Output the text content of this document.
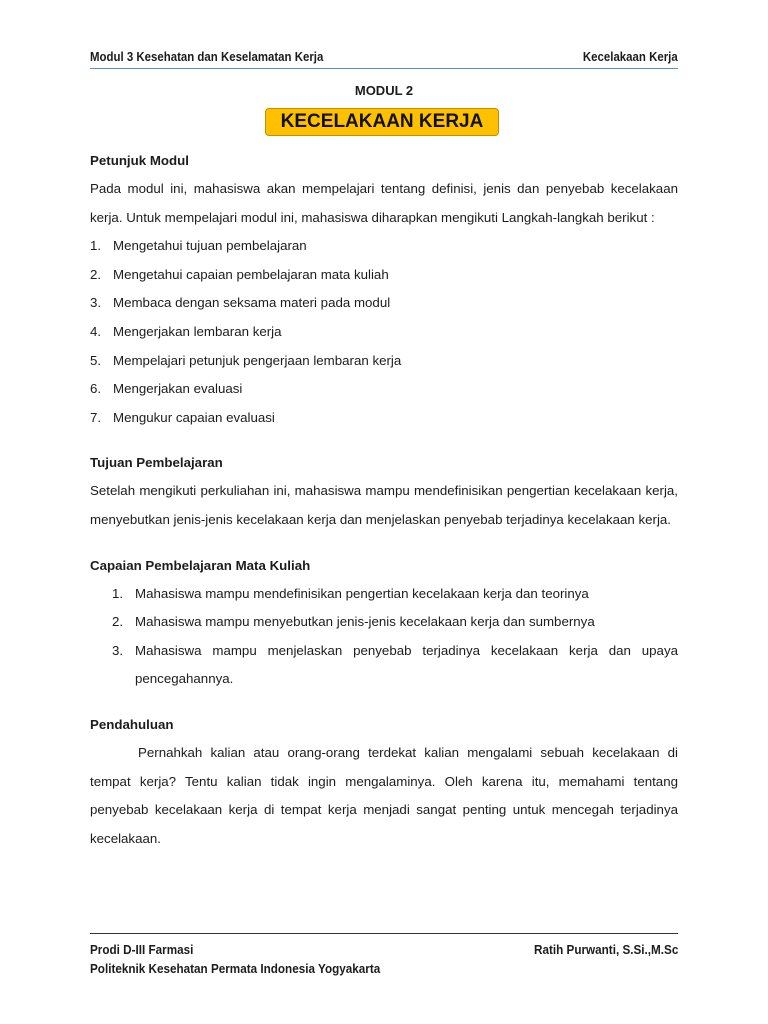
Modul 3 Kesehatan dan Keselamatan Kerja	Kecelakaan Kerja
MODUL 2
KECELAKAAN KERJA
Petunjuk Modul

Pada modul ini, mahasiswa akan mempelajari tentang definisi, jenis dan penyebab kecelakaan kerja. Untuk mempelajari modul ini, mahasiswa diharapkan mengikuti Langkah-langkah berikut :

1. Mengetahui tujuan pembelajaran
2. Mengetahui capaian pembelajaran mata kuliah
3. Membaca dengan seksama materi pada modul
4. Mengerjakan lembaran kerja
5. Mempelajari petunjuk pengerjaan lembaran kerja
6. Mengerjakan evaluasi
7. Mengukur capaian evaluasi
Tujuan Pembelajaran

Setelah mengikuti perkuliahan ini, mahasiswa mampu mendefinisikan pengertian kecelakaan kerja, menyebutkan jenis-jenis kecelakaan kerja dan menjelaskan penyebab terjadinya kecelakaan kerja.

Capaian Pembelajaran Mata Kuliah
1. Mahasiswa mampu mendefinisikan pengertian kecelakaan kerja dan teorinya
2. Mahasiswa mampu menyebutkan jenis-jenis kecelakaan kerja dan sumbernya
3. Mahasiswa mampu menjelaskan penyebab terjadinya kecelakaan kerja dan upaya pencegahannya.
Pendahuluan

Pernahkah kalian atau orang-orang terdekat kalian mengalami sebuah kecelakaan di tempat kerja? Tentu kalian tidak ingin mengalaminya. Oleh karena itu, memahami tentang penyebab kecelakaan kerja di tempat kerja menjadi sangat penting untuk mencegah terjadinya kecelakaan.

Prodi D-III Farmasi
Politeknik Kesehatan Permata Indonesia Yogyakarta
Ratih Purwanti, S.Si.,M.Sc
